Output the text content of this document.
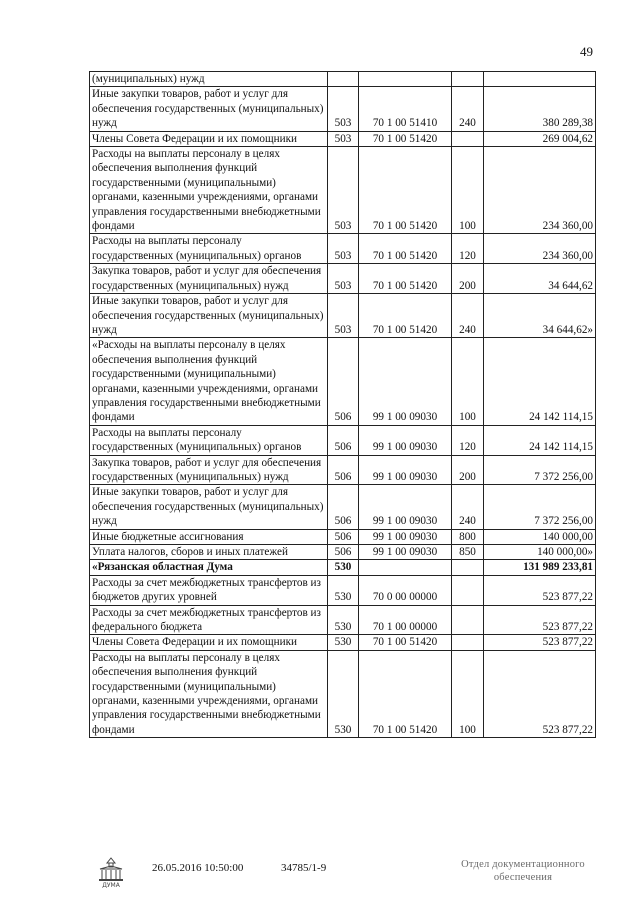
49
(муниципальных) нужд				
Иные закупки товаров, работ и услуг для обеспечения государственных (муниципальных) нужд	503	70 1 00 51410	240	380 289,38
Члены Совета Федерации и их помощники	503	70 1 00 51420		269 004,62
Расходы на выплаты персоналу в целях обеспечения выполнения функций государственными (муниципальными) органами, казенными учреждениями, органами управления государственными внебюджетными фондами	503	70 1 00 51420	100	234 360,00
Расходы на выплаты персоналу государственных (муниципальных) органов	503	70 1 00 51420	120	234 360,00
Закупка товаров, работ и услуг для обеспечения государственных (муниципальных) нужд	503	70 1 00 51420	200	34 644,62
Иные закупки товаров, работ и услуг для обеспечения государственных (муниципальных) нужд	503	70 1 00 51420	240	34 644,62»
«Расходы на выплаты персоналу в целях обеспечения выполнения функций государственными (муниципальными) органами, казенными учреждениями, органами управления государственными внебюджетными фондами	506	99 1 00 09030	100	24 142 114,15
Расходы на выплаты персоналу государственных (муниципальных) органов	506	99 1 00 09030	120	24 142 114,15
Закупка товаров, работ и услуг для обеспечения государственных (муниципальных) нужд	506	99 1 00 09030	200	7 372 256,00
Иные закупки товаров, работ и услуг для обеспечения государственных (муниципальных) нужд	506	99 1 00 09030	240	7 372 256,00
Иные бюджетные ассигнования	506	99 1 00 09030	800	140 000,00
Уплата налогов, сборов и иных платежей	506	99 1 00 09030	850	140 000,00»
«Рязанская областная Дума	530			131 989 233,81
Расходы за счет межбюджетных трансфертов из бюджетов других уровней	530	70 0 00 00000		523 877,22
Расходы за счет межбюджетных трансфертов из федерального бюджета	530	70 1 00 00000		523 877,22
Члены Совета Федерации и их помощники	530	70 1 00 51420		523 877,22
Расходы на выплаты персоналу в целях обеспечения выполнения функций государственными (муниципальными) органами, казенными учреждениями, органами управления государственными внебюджетными фондами	530	70 1 00 51420	100	523 877,22
ДУМА
26.05.2016 10:50:00	34785/1-9	Отдел документационного
обеспечения
